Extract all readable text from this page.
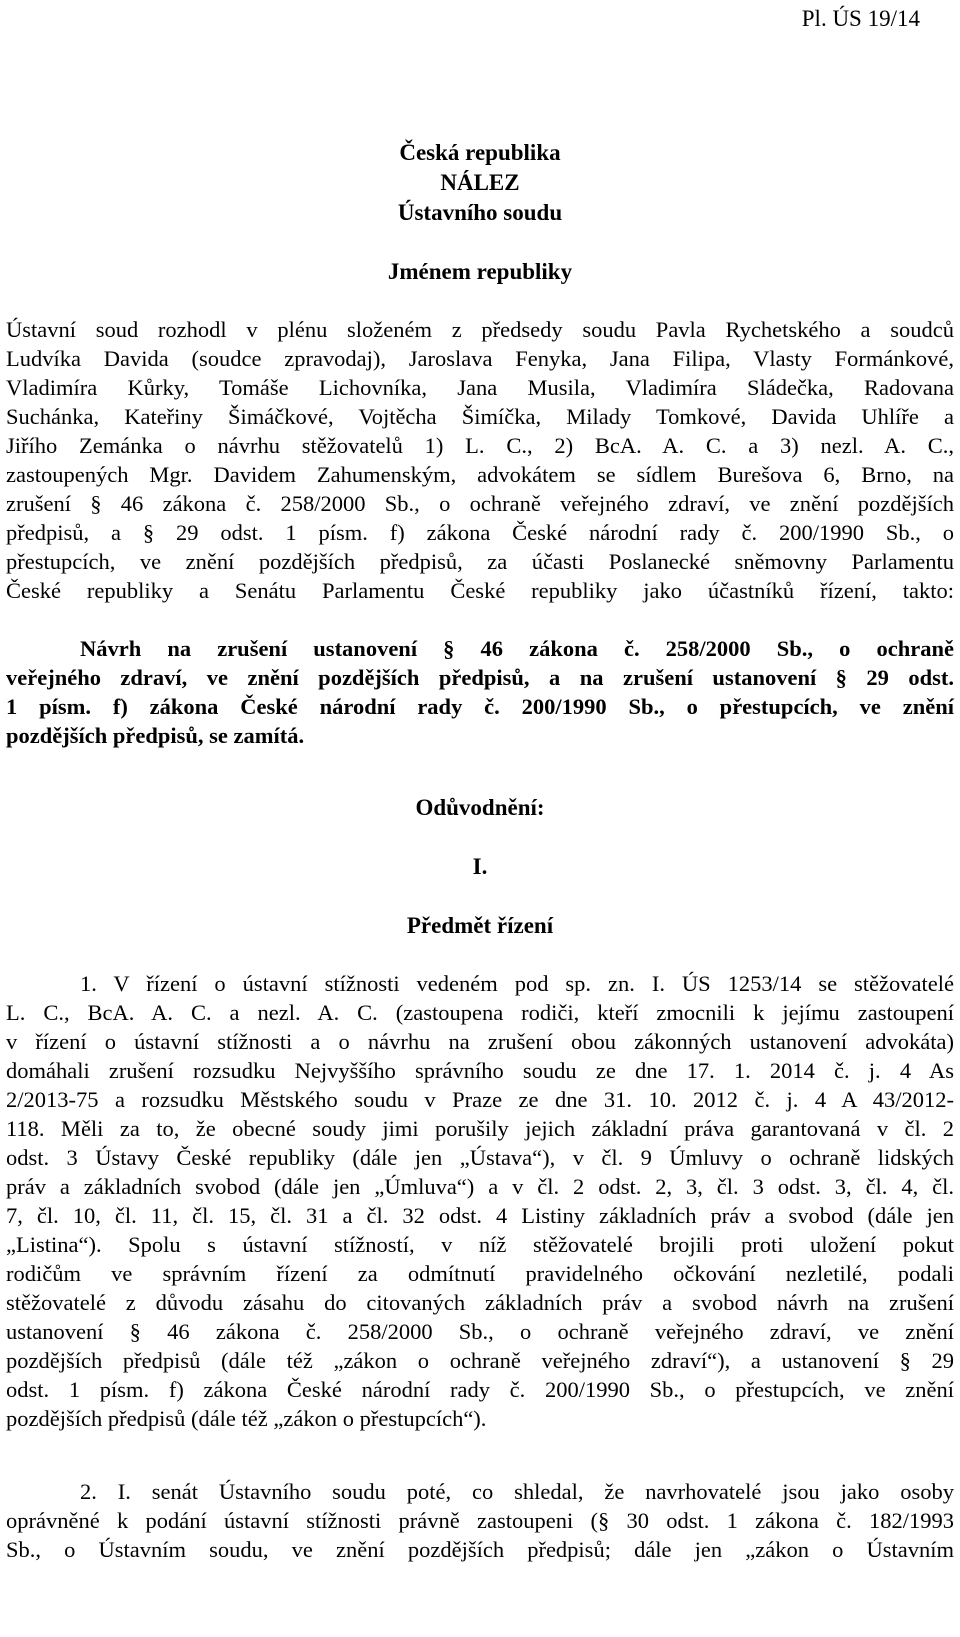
Pl. ÚS 19/14
Česká republika
NÁLEZ
Ústavního soudu
Jménem republiky
Ústavní soud rozhodl v plénu složeném z předsedy soudu Pavla Rychetského a soudců
Ludvíka Davida (soudce zpravodaj), Jaroslava Fenyka, Jana Filipa, Vlasty Formánkové,
Vladimíra Kůrky, Tomáše Lichovníka, Jana Musila, Vladimíra Sládečka, Radovana
Suchánka, Kateřiny Šimáčkové, Vojtěcha Šimíčka, Milady Tomkové, Davida Uhlíře a
Jiřího Zemánka o návrhu stěžovatelů 1) L. C., 2) BcA. A. C. a 3) nezl. A. C.,
zastoupených Mgr. Davidem Zahumenským, advokátem se sídlem Burešova 6, Brno, na
zrušení § 46 zákona č. 258/2000 Sb., o ochraně veřejného zdraví, ve znění pozdějších
předpisů, a § 29 odst. 1 písm. f) zákona České národní rady č. 200/1990 Sb., o
přestupcích, ve znění pozdějších předpisů, za účasti Poslanecké sněmovny Parlamentu
České republiky a Senátu Parlamentu České republiky jako účastníků řízení, takto:
Návrh na zrušení ustanovení § 46 zákona č. 258/2000 Sb., o ochraně
veřejného zdraví, ve znění pozdějších předpisů, a na zrušení ustanovení § 29 odst.
1 písm. f) zákona České národní rady č. 200/1990 Sb., o přestupcích, ve znění
pozdějších předpisů, se zamítá.
Odůvodnění:
I.
Předmět řízení
1. V řízení o ústavní stížnosti vedeném pod sp. zn. I. ÚS 1253/14 se stěžovatelé
L. C., BcA. A. C. a nezl. A. C. (zastoupena rodiči, kteří zmocnili k jejímu zastoupení
v řízení o ústavní stížnosti a o návrhu na zrušení obou zákonných ustanovení advokáta)
domáhali zrušení rozsudku Nejvyššího správního soudu ze dne 17. 1. 2014 č. j. 4 As
2/2013-75 a rozsudku Městského soudu v Praze ze dne 31. 10. 2012 č. j. 4 A 43/2012-
118. Měli za to, že obecné soudy jimi porušily jejich základní práva garantovaná v čl. 2
odst. 3 Ústavy České republiky (dále jen „Ústava“), v čl. 9 Úmluvy o ochraně lidských
práv a základních svobod (dále jen „Úmluva“) a v čl. 2 odst. 2, 3, čl. 3 odst. 3, čl. 4, čl.
7, čl. 10, čl. 11, čl. 15, čl. 31 a čl. 32 odst. 4 Listiny základních práv a svobod (dále jen
„Listina“). Spolu s ústavní stížností, v níž stěžovatelé brojili proti uložení pokut
rodičům ve správním řízení za odmítnutí pravidelného očkování nezletilé, podali
stěžovatelé z důvodu zásahu do citovaných základních práv a svobod návrh na zrušení
ustanovení § 46 zákona č. 258/2000 Sb., o ochraně veřejného zdraví, ve znění
pozdějších předpisů (dále též „zákon o ochraně veřejného zdraví“), a ustanovení § 29
odst. 1 písm. f) zákona České národní rady č. 200/1990 Sb., o přestupcích, ve znění
pozdějších předpisů (dále též „zákon o přestupcích“).
2. I. senát Ústavního soudu poté, co shledal, že navrhovatelé jsou jako osoby
oprávněné k podání ústavní stížnosti právně zastoupeni (§ 30 odst. 1 zákona č. 182/1993
Sb., o Ústavním soudu, ve znění pozdějších předpisů; dále jen „zákon o Ústavním
